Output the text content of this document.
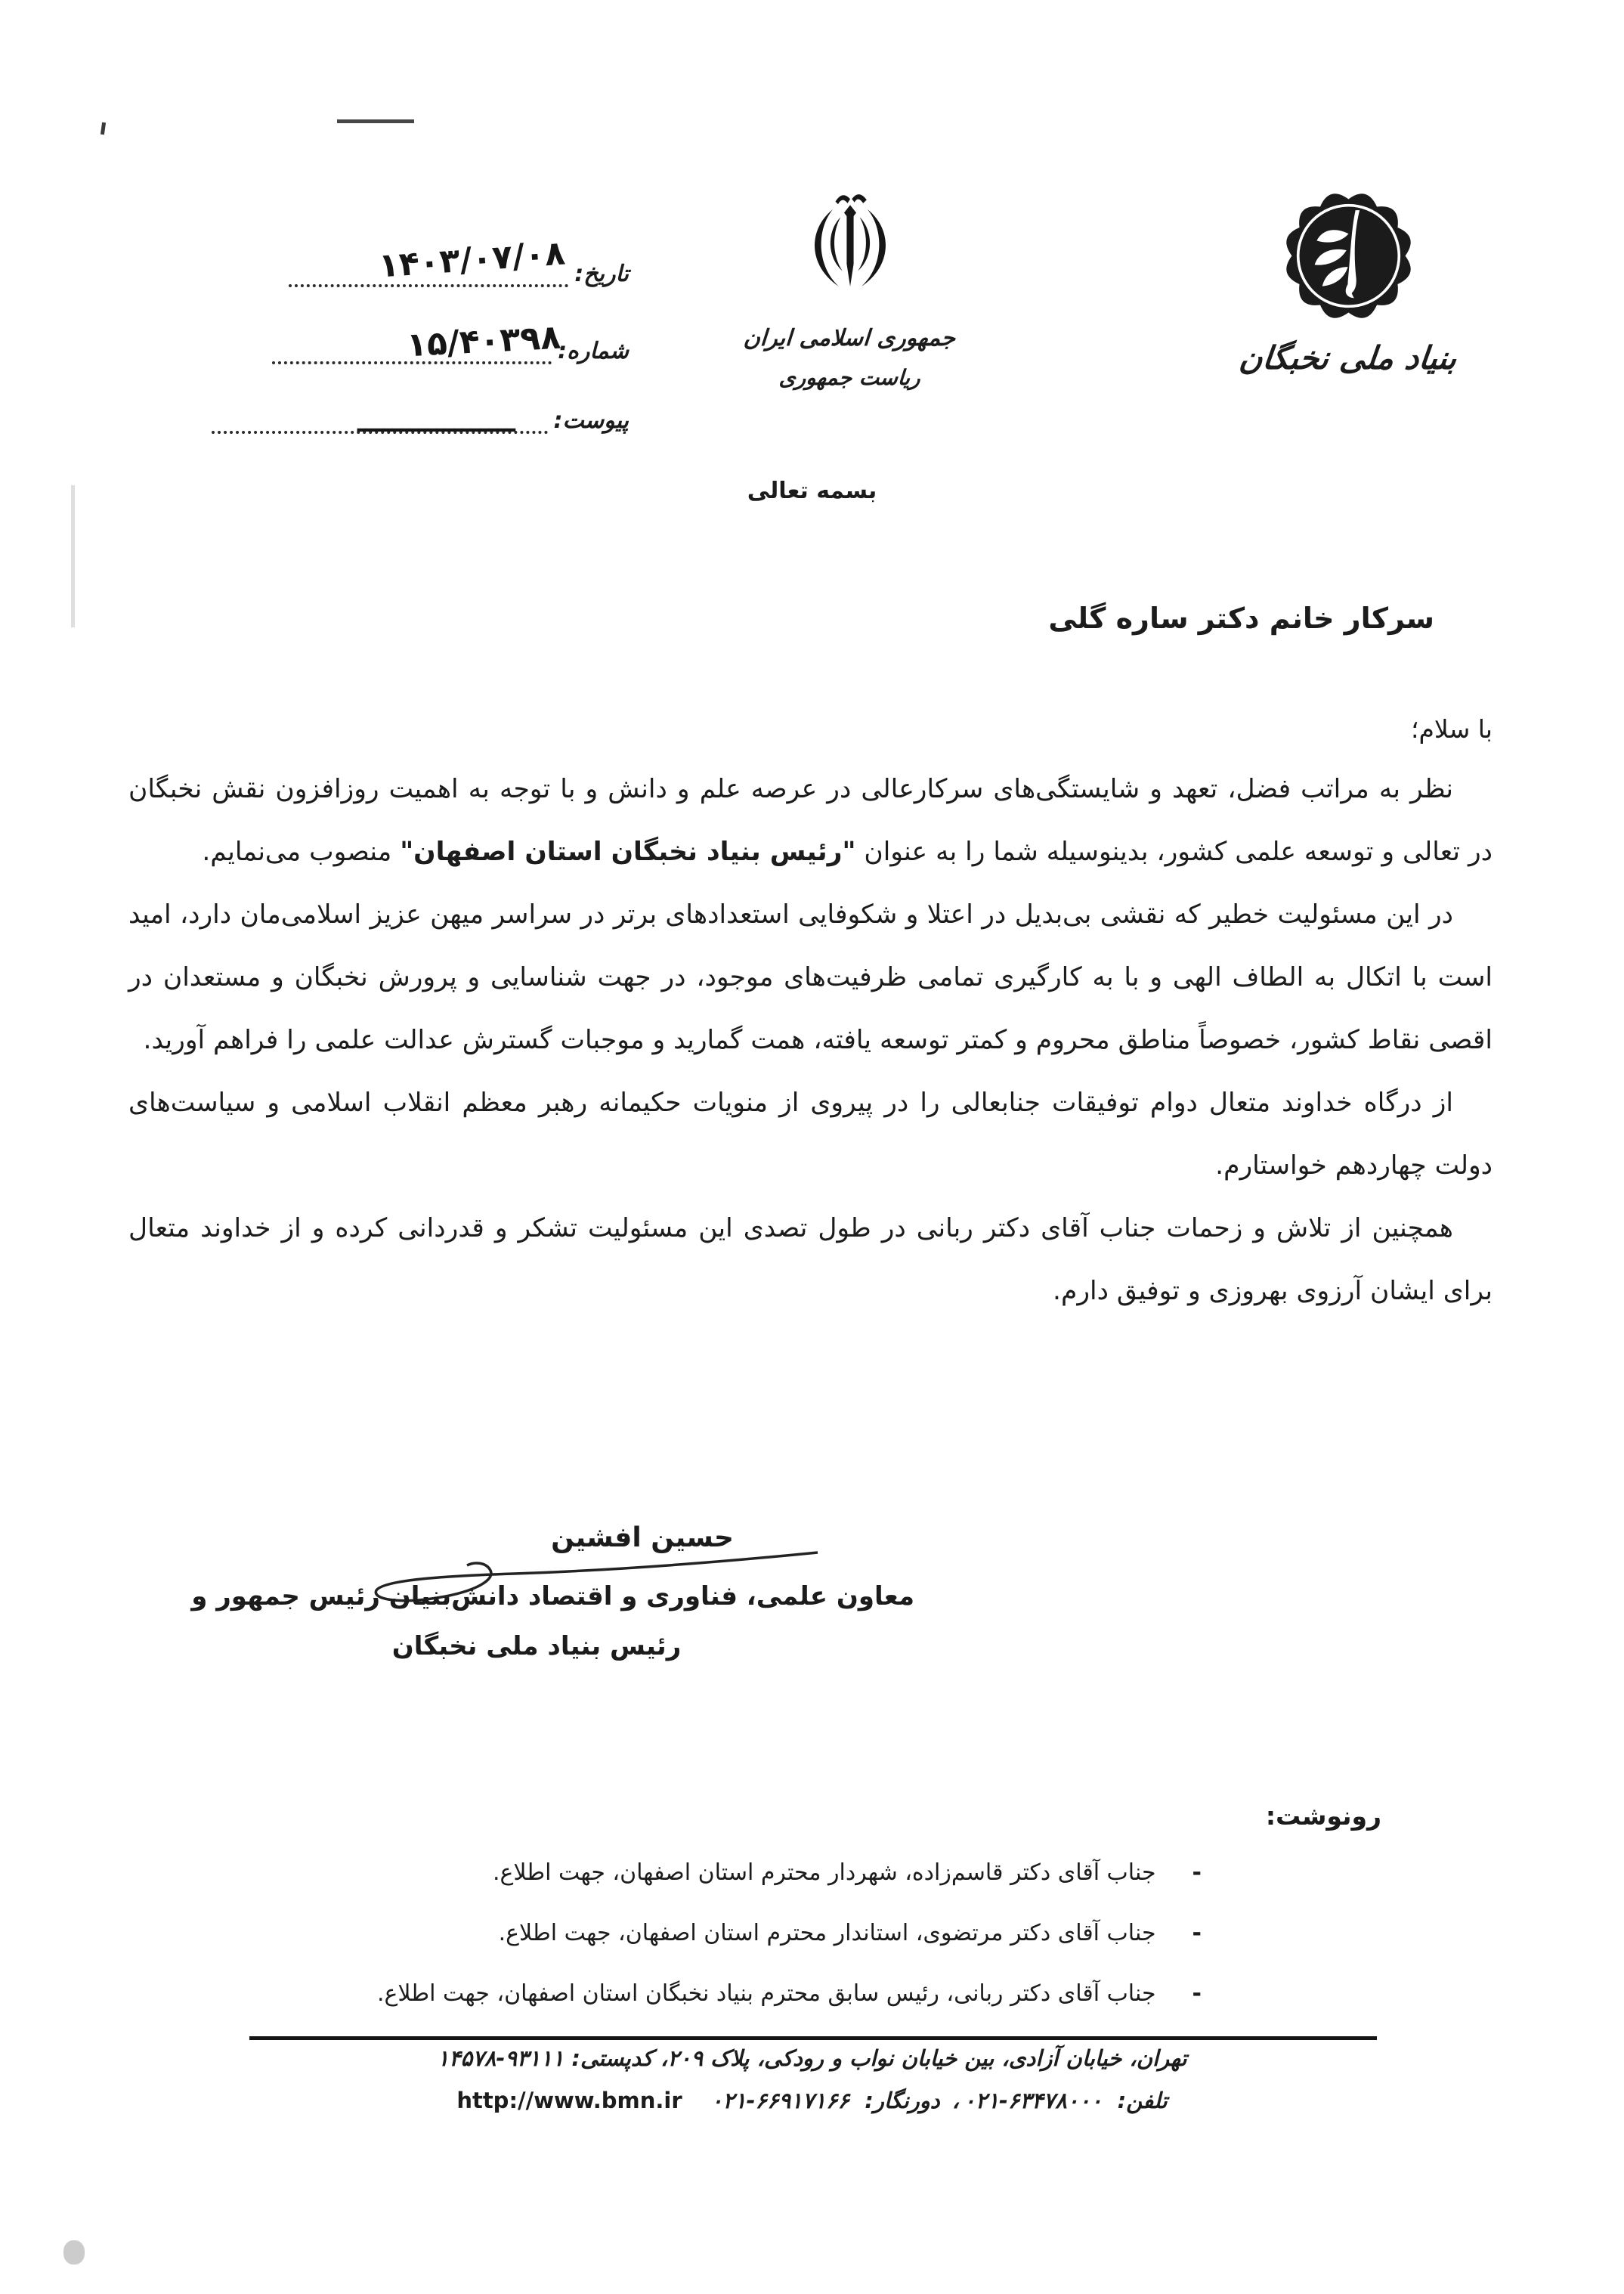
تاریخ:
۱۴۰۳/۰۷/۰۸
شماره:
۱۵/۴۰۳۹۸
پیوست:
ــــــــــــــــــ
جمهوری اسلامی ایران
ریاست جمهوری
بنیاد ملی نخبگان
بسمه تعالی
سرکار خانم دکتر ساره گلی
با سلام؛

نظر به مراتب فضل، تعهد و شایستگی‌های سرکارعالی در عرصه علم و دانش و با توجه به اهمیت روزافزون نقش نخبگان در تعالی و توسعه علمی کشور، بدینوسیله شما را به عنوان "رئیس بنیاد نخبگان استان اصفهان" منصوب می‌نمایم.

در این مسئولیت خطیر که نقشی بی‌بدیل در اعتلا و شکوفایی استعدادهای برتر در سراسر میهن عزیز اسلامی‌مان دارد، امید است با اتکال به الطاف الهی و با به کارگیری تمامی ظرفیت‌های موجود، در جهت شناسایی و پرورش نخبگان و مستعدان در اقصی نقاط کشور، خصوصاً مناطق محروم و کمتر توسعه یافته، همت گمارید و موجبات گسترش عدالت علمی را فراهم آورید.

از درگاه خداوند متعال دوام توفیقات جنابعالی را در پیروی از منویات حکیمانه رهبر معظم انقلاب اسلامی و سیاست‌های دولت چهاردهم خواستارم.

همچنین از تلاش و زحمات جناب آقای دکتر ربانی در طول تصدی این مسئولیت تشکر و قدردانی کرده و از خداوند متعال برای ایشان آرزوی بهروزی و توفیق دارم.

حسین افشین
معاون علمی، فناوری و اقتصاد دانش‌بنیان رئیس جمهور و
رئیس بنیاد ملی نخبگان
رونوشت:
-جناب آقای دکتر قاسم‌زاده، شهردار محترم استان اصفهان، جهت اطلاع.
-جناب آقای دکتر مرتضوی، استاندار محترم استان اصفهان، جهت اطلاع.
-جناب آقای دکتر ربانی، رئیس سابق محترم بنیاد نخبگان استان اصفهان، جهت اطلاع.
تهران، خیابان آزادی، بین خیابان نواب و رودکی، پلاک ۲۰۹، کدپستی: ۱۴۵۷۸-۹۳۱۱۱
تلفن: ۰۲۱-۶۳۴۷۸۰۰۰، دورنگار: ۰۲۱-۶۶۹۱۷۱۶۶ http://www.bmn.ir
